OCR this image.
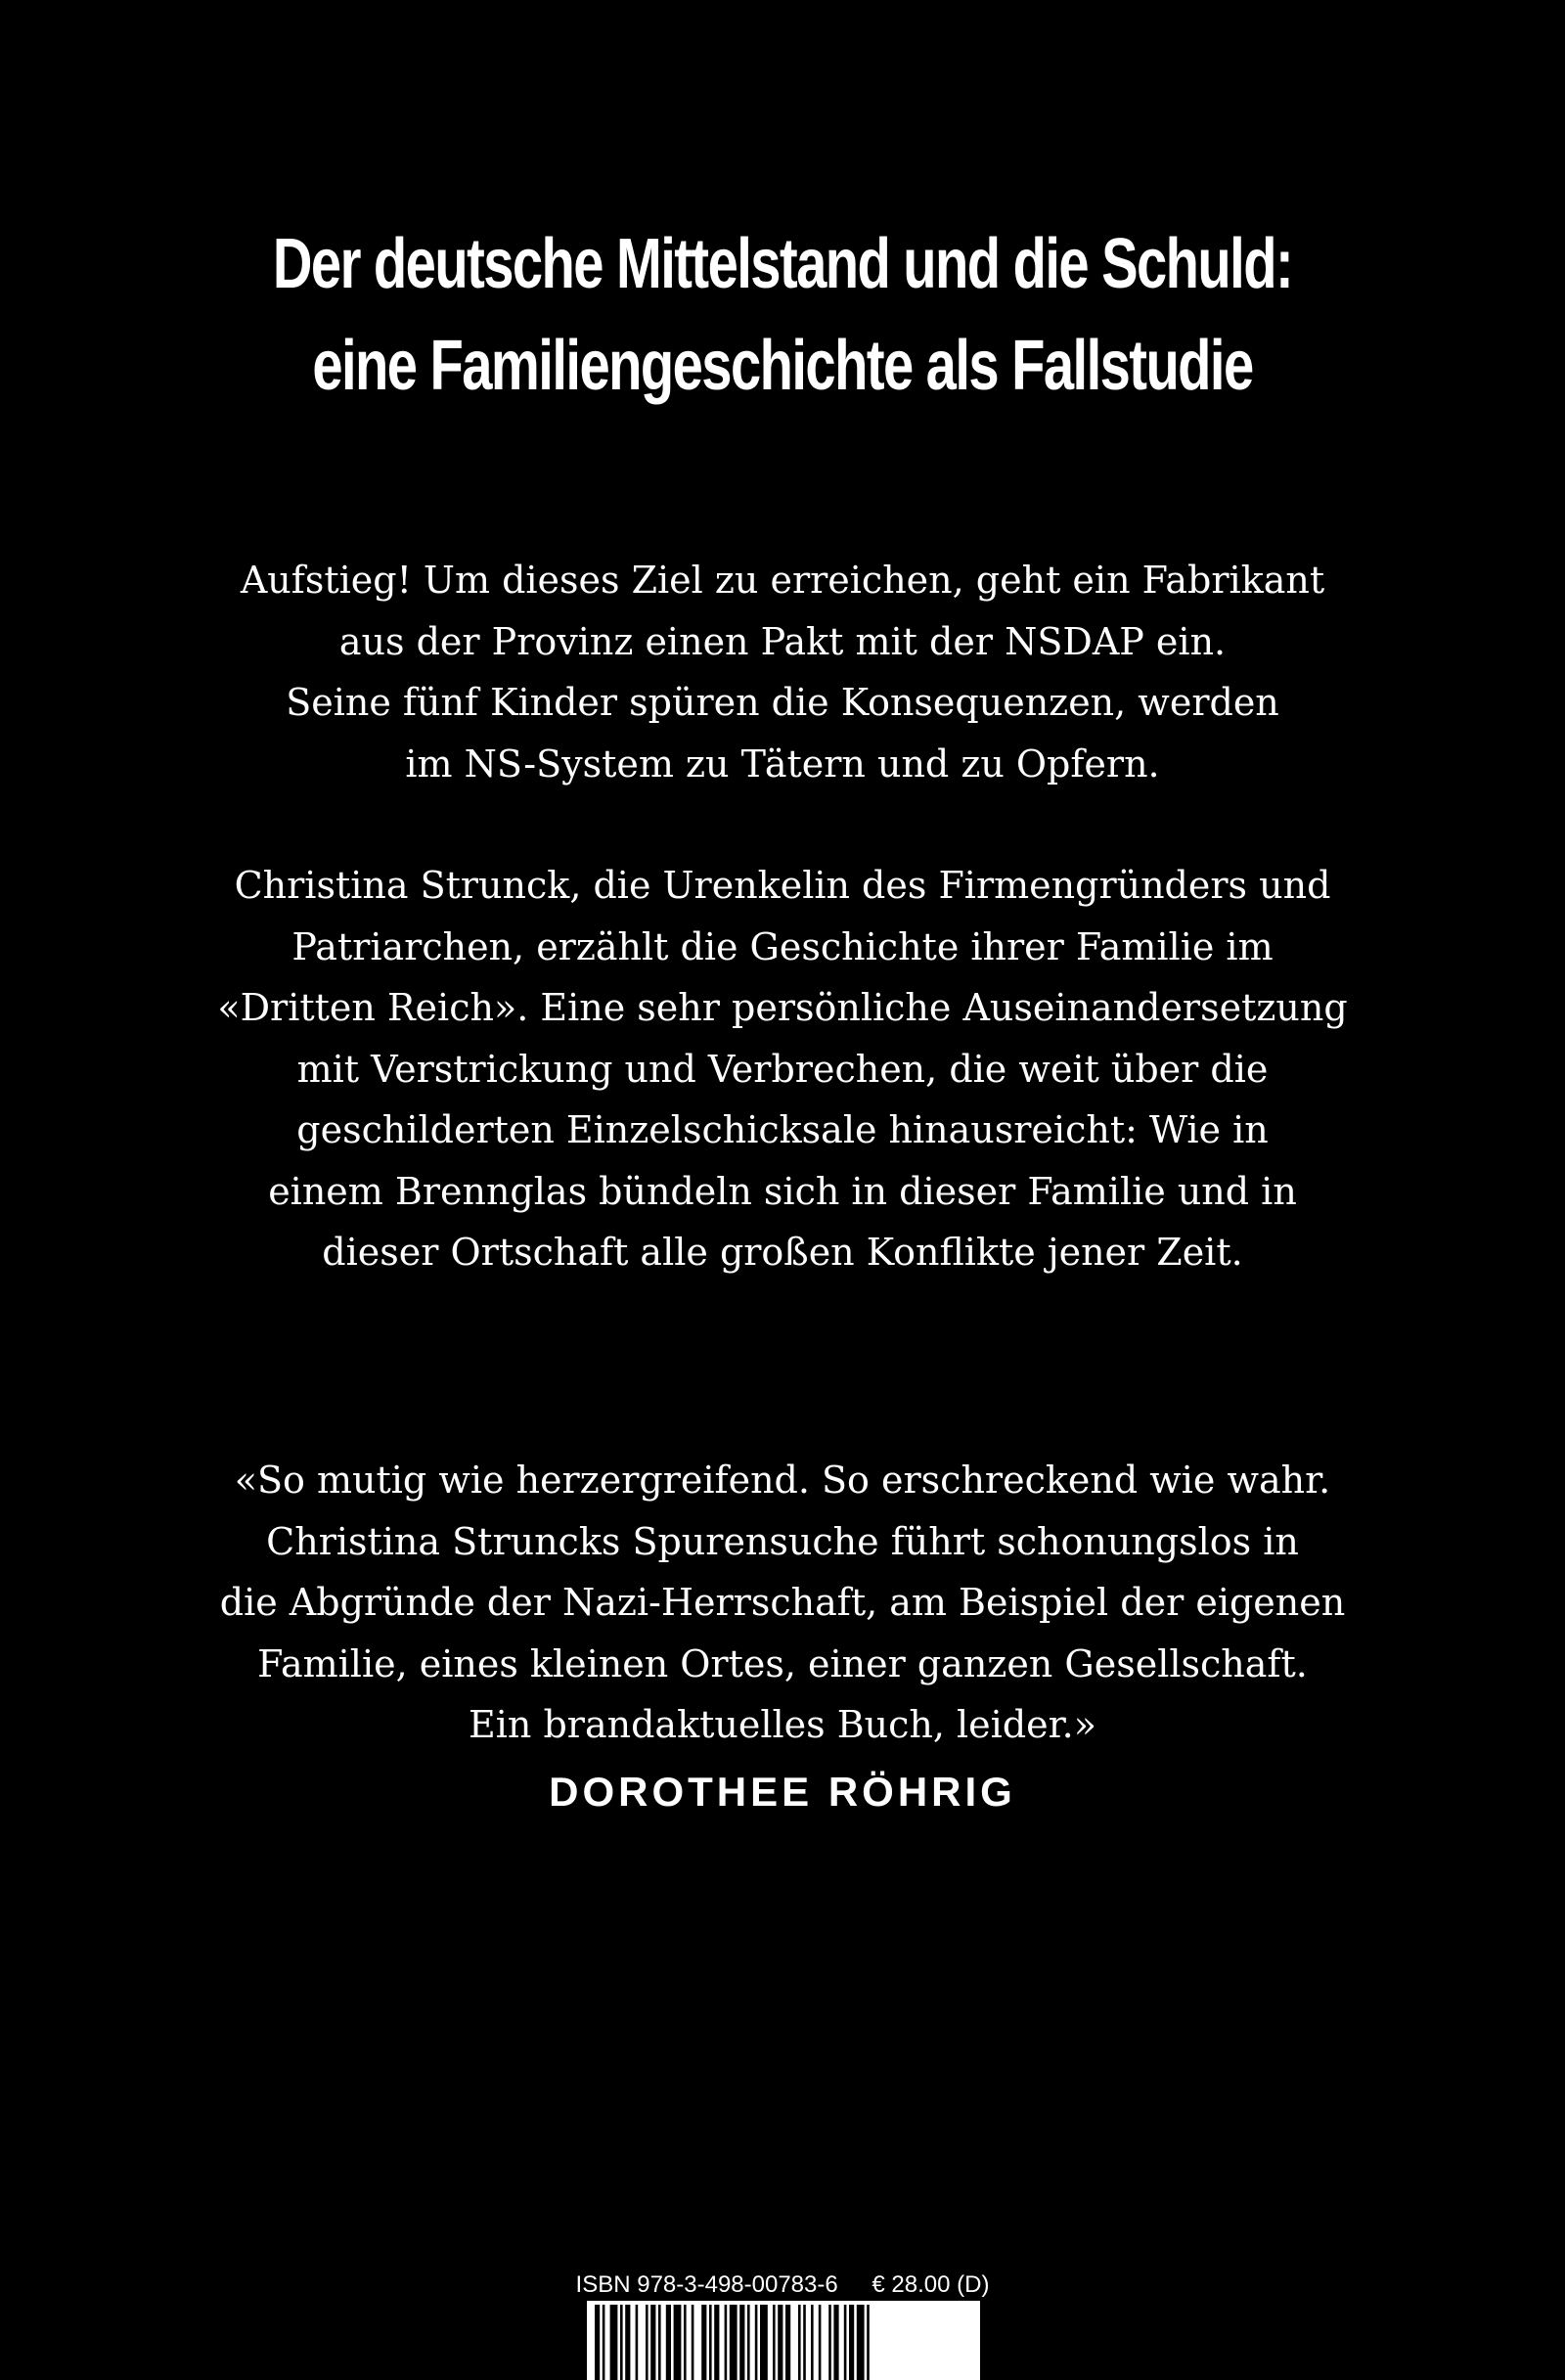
Der deutsche Mittelstand und die Schuld:
eine Familiengeschichte als Fallstudie
Aufstieg! Um dieses Ziel zu erreichen, geht ein Fabrikant
aus der Provinz einen Pakt mit der NSDAP ein.
Seine fünf Kinder spüren die Konsequenzen, werden
im NS-System zu Tätern und zu Opfern.
Christina Strunck, die Urenkelin des Firmengründers und
Patriarchen, erzählt die Geschichte ihrer Familie im
«Dritten Reich». Eine sehr persönliche Auseinandersetzung
mit Verstrickung und Verbrechen, die weit über die
geschilderten Einzelschicksale hinausreicht: Wie in
einem Brennglas bündeln sich in dieser Familie und in
dieser Ortschaft alle großen Konflikte jener Zeit.
«So mutig wie herzergreifend. So erschreckend wie wahr.
Christina Struncks Spurensuche führt schonungslos in
die Abgründe der Nazi-Herrschaft, am Beispiel der eigenen
Familie, eines kleinen Ortes, einer ganzen Gesellschaft.
Ein brandaktuelles Buch, leider.»
DOROTHEE RÖHRIG
ISBN 978-3-498-00783-6 € 28.00 (D)
